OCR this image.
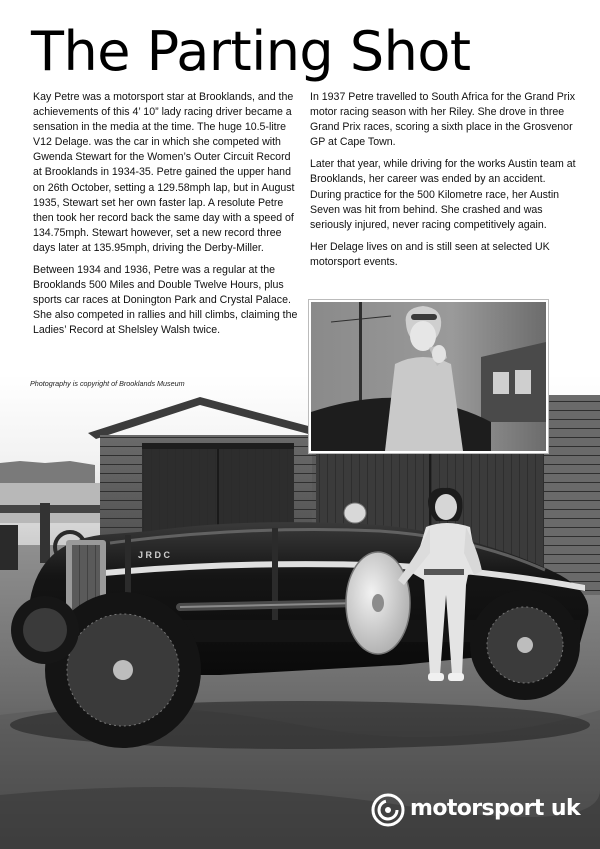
J R D C
The Parting Shot

Kay Petre was a motorsport star at Brooklands, and the achievements of this 4’ 10” lady racing driver became a sensation in the media at the time. The huge 10.5-litre V12 Delage. was the car in which she competed with Gwenda Stewart for the Women’s Outer Circuit Record at Brooklands in 1934-35. Petre gained the upper hand on 26th October, setting a 129.58mph lap, but in August 1935, Stewart set her own faster lap. A resolute Petre then took her record back the same day with a speed of 134.75mph. Stewart however, set a new record three days later at 135.95mph, driving the Derby-Miller.

Between 1934 and 1936, Petre was a regular at the Brooklands 500 Miles and Double Twelve Hours, plus sports car races at Donington Park and Crystal Palace. She also competed in rallies and hill climbs, claiming the Ladies’ Record at Shelsley Walsh twice.

In 1937 Petre travelled to South Africa for the Grand Prix motor racing season with her Riley. She drove in three Grand Prix races, scoring a sixth place in the Grosvenor GP at Cape Town.

Later that year, while driving for the works Austin team at Brooklands, her career was ended by an accident. During practice for the 500 Kilometre race, her Austin Seven was hit from behind. She crashed and was seriously injured, never racing competitively again.

Her Delage lives on and is still seen at selected UK motorsport events.

Photography is copyright of Brooklands Museum
motorsport uk
